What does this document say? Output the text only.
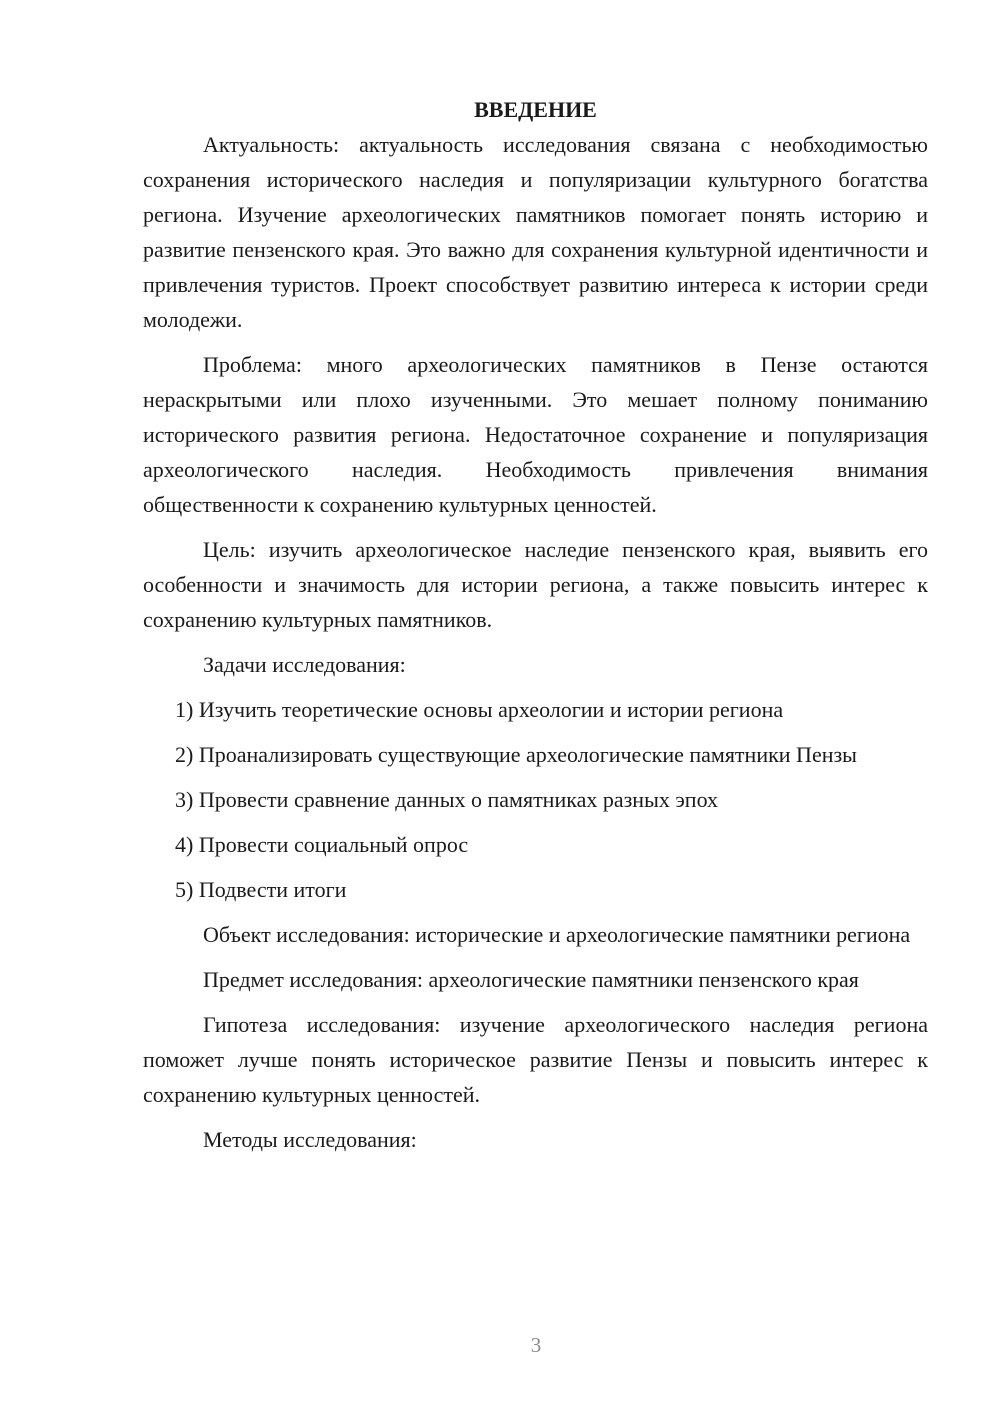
ВВЕДЕНИЕ

Актуальность: актуальность исследования связана с необходимостью сохранения исторического наследия и популяризации культурного богатства региона. Изучение археологических памятников помогает понять историю и развитие пензенского края. Это важно для сохранения культурной идентичности и привлечения туристов. Проект способствует развитию интереса к истории среди молодежи.

Проблема: много археологических памятников в Пензе остаются нераскрытыми или плохо изученными. Это мешает полному пониманию исторического развития региона. Недостаточное сохранение и популяризация археологического наследия. Необходимость привлечения внимания общественности к сохранению культурных ценностей.

Цель: изучить археологическое наследие пензенского края, выявить его особенности и значимость для истории региона, а также повысить интерес к сохранению культурных памятников.

Задачи исследования:

1) Изучить теоретические основы археологии и истории региона

2) Проанализировать существующие археологические памятники Пензы

3) Провести сравнение данных о памятниках разных эпох

4) Провести социальный опрос

5) Подвести итоги

Объект исследования: исторические и археологические памятники региона

Предмет исследования: археологические памятники пензенского края

Гипотеза исследования: изучение археологического наследия региона поможет лучше понять историческое развитие Пензы и повысить интерес к сохранению культурных ценностей.

Методы исследования:

3
